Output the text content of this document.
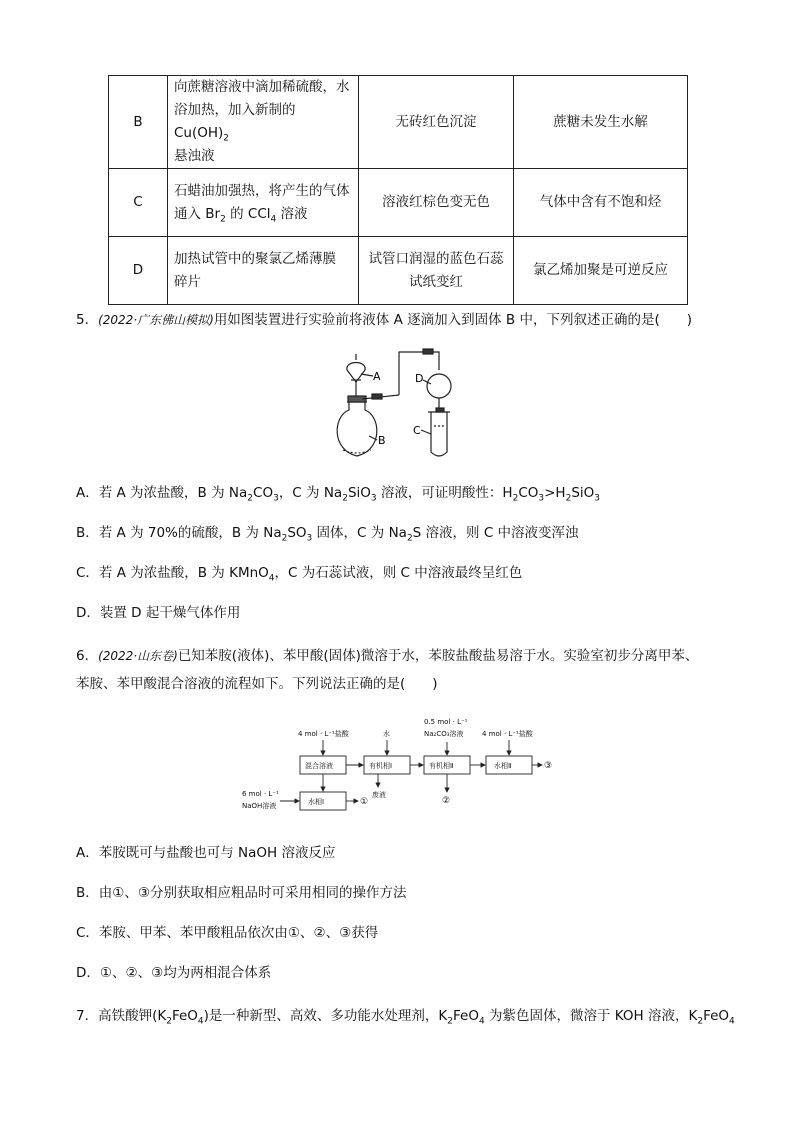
B	向蔗糖溶液中滴加稀硫酸，水
浴加热，加入新制的 $Cu(OH)_2$
悬浊液	无砖红色沉淀	蔗糖未发生水解
C	石蜡油加强热，将产生的气体
通入 $Br_2$ 的 CCl$_4$ 溶液	溶液红棕色变无色	气体中含有不饱和烃
D	加热试管中的聚氯乙烯薄膜
碎片	试管口润湿的蓝色石蕊
试纸变红	氯乙烯加聚是可逆反应
5．(2022·广东佛山模拟)用如图装置进行实验前将液体 A 逐滴加入到固体 B 中，下列叙述正确的是(　　)
A
B
D
C
A．若 A 为浓盐酸，B 为 $Na_2CO_3$，C 为 $Na_2SiO_3$ 溶液，可证明酸性：$H_2CO_3>H_2SiO_3$
B．若 A 为 70%的硫酸，B 为 $Na_2SO_3$ 固体，C 为 $Na_2S$ 溶液，则 C 中溶液变浑浊
C．若 A 为浓盐酸，B 为 KMnO$_4$，C 为石蕊试液，则 C 中溶液最终呈红色
D．装置 D 起干燥气体作用
6．(2022·山东卷)已知苯胺(液体)、苯甲酸(固体)微溶于水，苯胺盐酸盐易溶于水。实验室初步分离甲苯、
苯胺、苯甲酸混合溶液的流程如下。下列说法正确的是(　　)
4 mol · L⁻¹盐酸	水
0.5 mol · L⁻¹
Na₂CO₃溶液	4 mol · L⁻¹盐酸
6 mol · L⁻¹
NaOH溶液
混合溶液	有机相Ⅰ	有机相Ⅱ	水相Ⅱ
水相Ⅰ
废液
①	②
③
A．苯胺既可与盐酸也可与 NaOH 溶液反应
B．由①、③分别获取相应粗品时可采用相同的操作方法
C．苯胺、甲苯、苯甲酸粗品依次由①、②、③获得
D．①、②、③均为两相混合体系
7．高铁酸钾$(K_2FeO_4)$是一种新型、高效、多功能水处理剂，$K_2FeO_4$ 为紫色固体，微溶于 KOH 溶液，$K_2FeO_4$
